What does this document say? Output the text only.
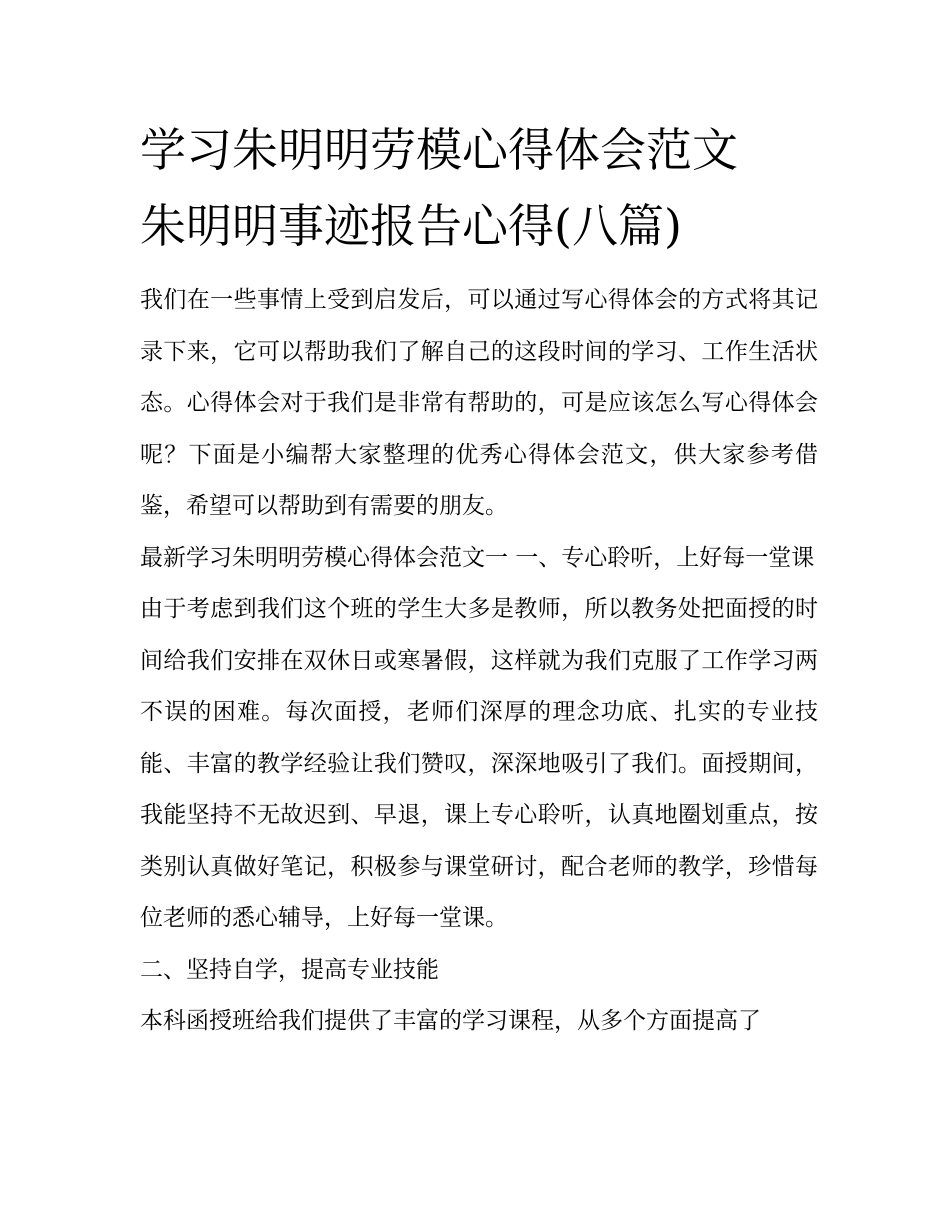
学习朱明明劳模心得体会范文
朱明明事迹报告心得(八篇)

我们在一些事情上受到启发后，可以通过写心得体会的方式将其记录下来，它可以帮助我们了解自己的这段时间的学习、工作生活状态。心得体会对于我们是非常有帮助的，可是应该怎么写心得体会呢？下面是小编帮大家整理的优秀心得体会范文，供大家参考借鉴，希望可以帮助到有需要的朋友。

最新学习朱明明劳模心得体会范文一 一、专心聆听，上好每一堂课

由于考虑到我们这个班的学生大多是教师，所以教务处把面授的时间给我们安排在双休日或寒暑假，这样就为我们克服了工作学习两不误的困难。每次面授，老师们深厚的理念功底、扎实的专业技能、丰富的教学经验让我们赞叹，深深地吸引了我们。面授期间，我能坚持不无故迟到、早退，课上专心聆听，认真地圈划重点，按类别认真做好笔记，积极参与课堂研讨，配合老师的教学，珍惜每位老师的悉心辅导，上好每一堂课。

二、坚持自学，提高专业技能

本科函授班给我们提供了丰富的学习课程，从多个方面提高了
